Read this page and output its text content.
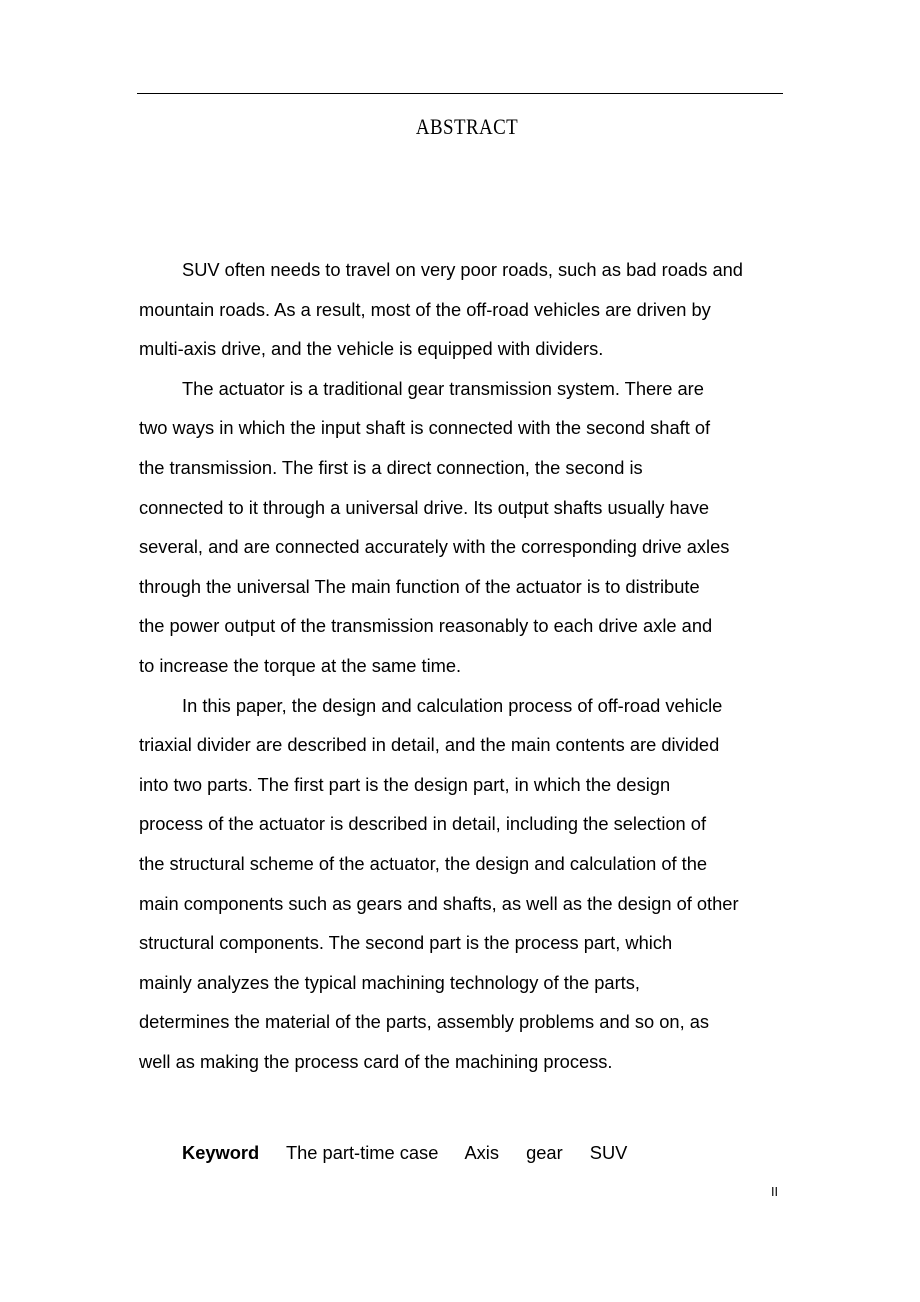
ABSTRACT

SUV often needs to travel on very poor roads, such as bad roads and
mountain roads. As a result, most of the off-road vehicles are driven by
multi-axis drive, and the vehicle is equipped with dividers.

The actuator is a traditional gear transmission system. There are
two ways in which the input shaft is connected with the second shaft of
the transmission. The first is a direct connection, the second is
connected to it through a universal drive. Its output shafts usually have
several, and are connected accurately with the corresponding drive axles
through the universal The main function of the actuator is to distribute
the power output of the transmission reasonably to each drive axle and
to increase the torque at the same time.

In this paper, the design and calculation process of off-road vehicle
triaxial divider are described in detail, and the main contents are divided
into two parts. The first part is the design part, in which the design
process of the actuator is described in detail, including the selection of
the structural scheme of the actuator, the design and calculation of the
main components such as gears and shafts, as well as the design of other
structural components. The second part is the process part, which
mainly analyzes the typical machining technology of the parts,
determines the material of the parts, assembly problems and so on, as
well as making the process card of the machining process.

Keyword The part-time case Axis gear SUV
II
